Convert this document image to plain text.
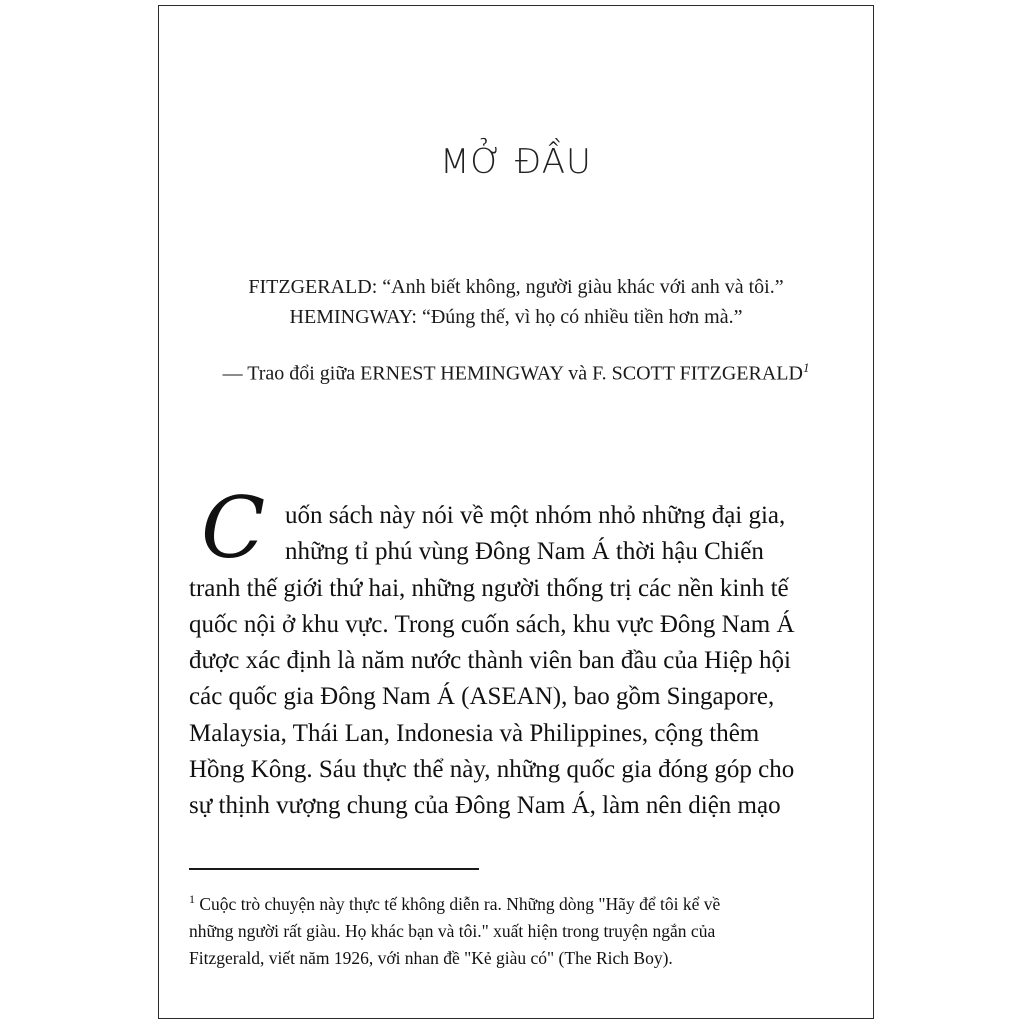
MỞ ĐẦU
FITZGERALD: “Anh biết không, người giàu khác với anh và tôi.”
HEMINGWAY: “Đúng thế, vì họ có nhiều tiền hơn mà.”
— Trao đổi giữa ERNEST HEMINGWAY và F. SCOTT FITZGERALD$^1$
C uốn sách này nói về một nhóm nhỏ những đại gia,
những tỉ phú vùng Đông Nam Á thời hậu Chiến
tranh thế giới thứ hai, những người thống trị các nền kinh tế
quốc nội ở khu vực. Trong cuốn sách, khu vực Đông Nam Á
được xác định là năm nước thành viên ban đầu của Hiệp hội
các quốc gia Đông Nam Á (ASEAN), bao gồm Singapore,
Malaysia, Thái Lan, Indonesia và Philippines, cộng thêm
Hồng Kông. Sáu thực thể này, những quốc gia đóng góp cho
sự thịnh vượng chung của Đông Nam Á, làm nên diện mạo
$^1$ Cuộc trò chuyện này thực tế không diễn ra. Những dòng "Hãy để tôi kể về
những người rất giàu. Họ khác bạn và tôi." xuất hiện trong truyện ngắn của
Fitzgerald, viết năm 1926, với nhan đề "Kẻ giàu có" (The Rich Boy).
